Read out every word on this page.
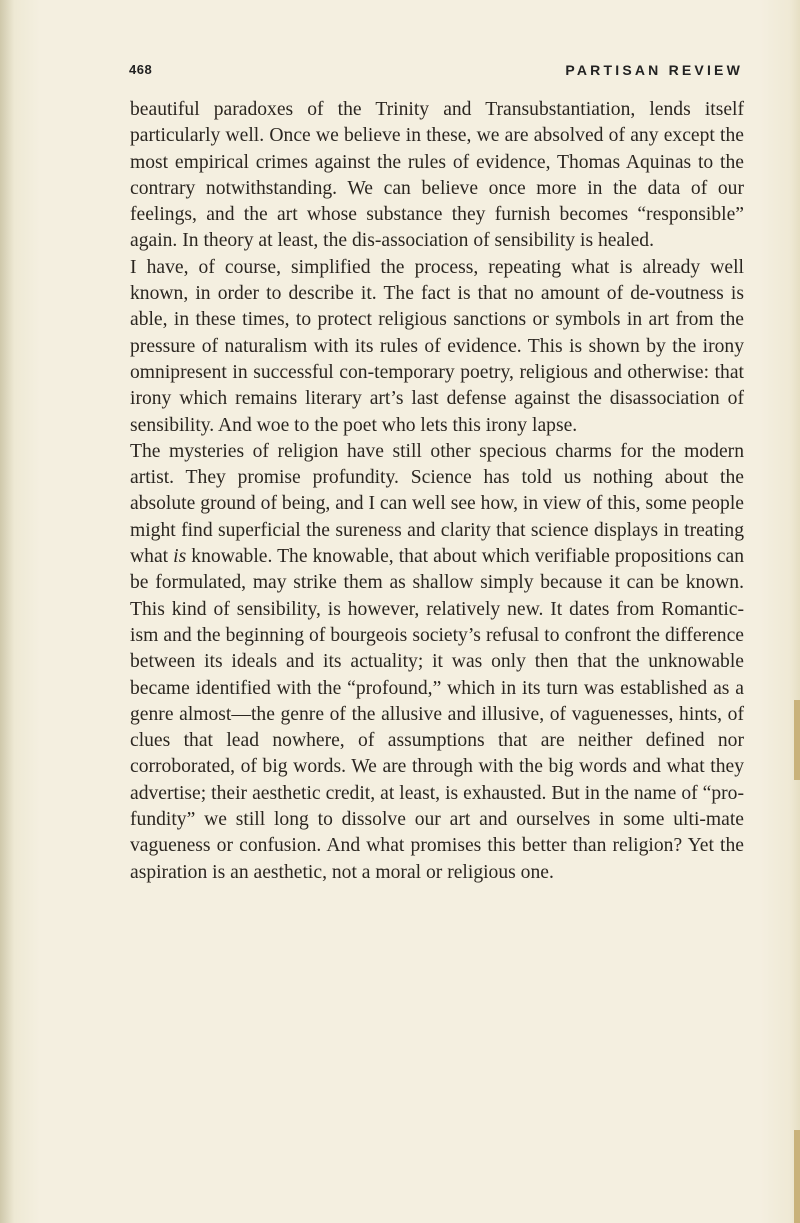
468	PARTISAN REVIEW

beautiful paradoxes of the Trinity and Transubstantiation, lends itself particularly well. Once we believe in these, we are absolved of any except the most empirical crimes against the rules of evidence, Thomas Aquinas to the contrary notwithstanding. We can believe once more in the data of our feelings, and the art whose substance they furnish becomes “responsible” again. In theory at least, the dis-association of sensibility is healed.

I have, of course, simplified the process, repeating what is already well known, in order to describe it. The fact is that no amount of de-voutness is able, in these times, to protect religious sanctions or symbols in art from the pressure of naturalism with its rules of evidence. This is shown by the irony omnipresent in successful con-temporary poetry, religious and otherwise: that irony which remains literary art’s last defense against the disassociation of sensibility. And woe to the poet who lets this irony lapse.

The mysteries of religion have still other specious charms for the modern artist. They promise profundity. Science has told us nothing about the absolute ground of being, and I can well see how, in view of this, some people might find superficial the sureness and clarity that science displays in treating what is knowable. The knowable, that about which verifiable propositions can be formulated, may strike them as shallow simply because it can be known. This kind of sensibility, is however, relatively new. It dates from Romantic-ism and the beginning of bourgeois society’s refusal to confront the difference between its ideals and its actuality; it was only then that the unknowable became identified with the “profound,” which in its turn was established as a genre almost—the genre of the allusive and illusive, of vaguenesses, hints, of clues that lead nowhere, of assumptions that are neither defined nor corroborated, of big words. We are through with the big words and what they advertise; their aesthetic credit, at least, is exhausted. But in the name of “pro-fundity” we still long to dissolve our art and ourselves in some ulti-mate vagueness or confusion. And what promises this better than religion? Yet the aspiration is an aesthetic, not a moral or religious one.
